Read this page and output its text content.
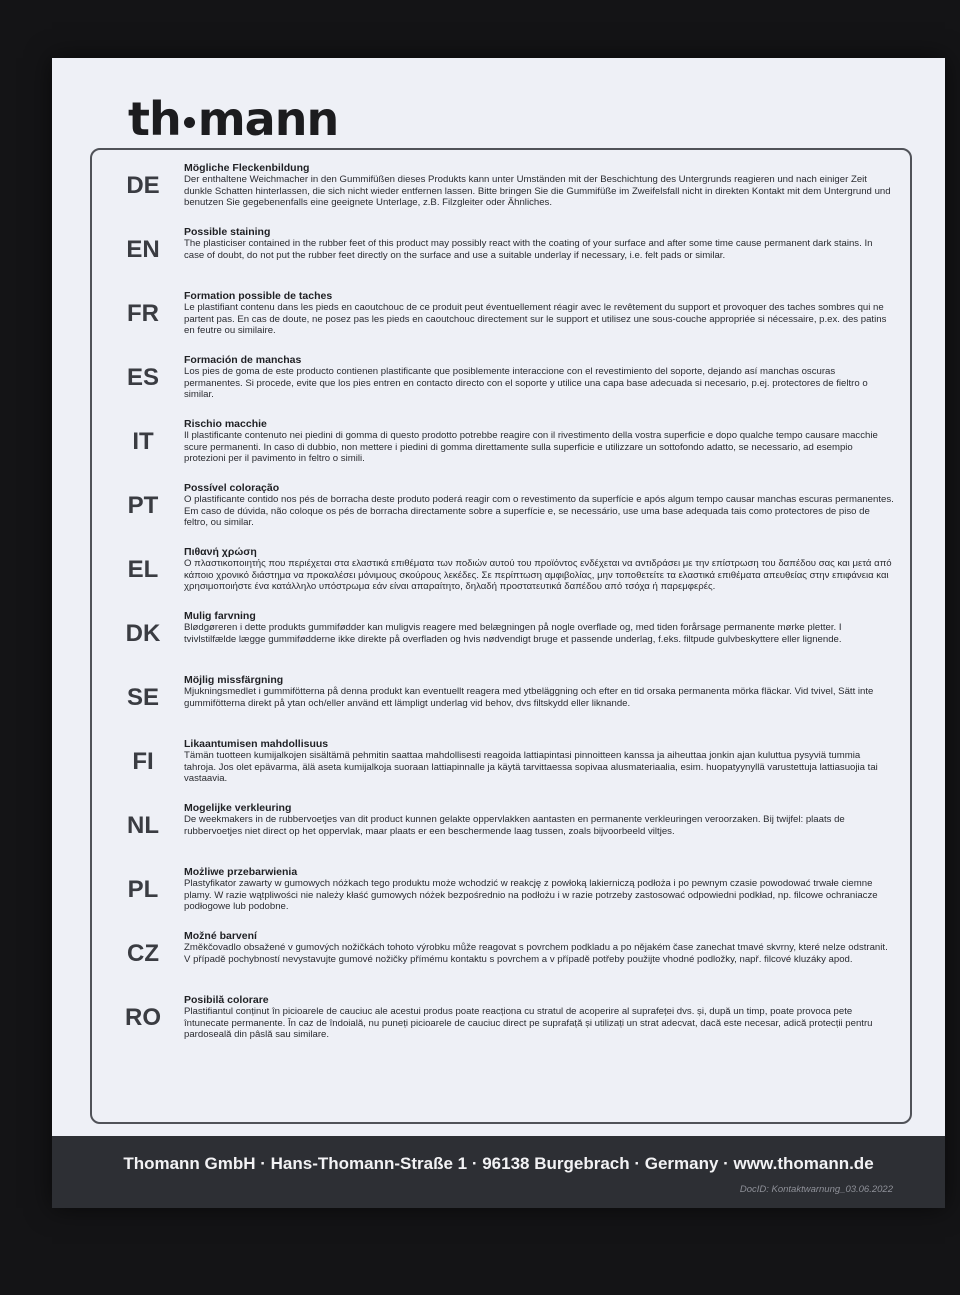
th mann
DE
Mögliche Fleckenbildung
Der enthaltene Weichmacher in den Gummifüßen dieses Produkts kann unter Umständen mit der Beschichtung des Untergrunds reagieren und nach einiger Zeit dunkle Schatten hinterlassen, die sich nicht wieder entfernen lassen. Bitte bringen Sie die Gummifüße im Zweifelsfall nicht in direkten Kontakt mit dem Untergrund und benutzen Sie gegebenenfalls eine geeignete Unterlage, z.B. Filzgleiter oder Ähnliches.
EN
Possible staining
The plasticiser contained in the rubber feet of this product may possibly react with the coating of your surface and after some time cause permanent dark stains. In case of doubt, do not put the rubber feet directly on the surface and use a suitable underlay if necessary, i.e. felt pads or similar.
FR
Formation possible de taches
Le plastifiant contenu dans les pieds en caoutchouc de ce produit peut éventuellement réagir avec le revêtement du support et provoquer des taches sombres qui ne partent pas. En cas de doute, ne posez pas les pieds en caoutchouc directement sur le support et utilisez une sous-couche appropriée si nécessaire, p.ex. des patins en feutre ou similaire.
ES
Formación de manchas
Los pies de goma de este producto contienen plastificante que posiblemente interaccione con el revestimiento del soporte, dejando así manchas oscuras permanentes. Si procede, evite que los pies entren en contacto directo con el soporte y utilice una capa base adecuada si necesario, p.ej. protectores de fieltro o similar.
IT
Rischio macchie
Il plastificante contenuto nei piedini di gomma di questo prodotto potrebbe reagire con il rivestimento della vostra superficie e dopo qualche tempo causare macchie scure permanenti. In caso di dubbio, non mettere i piedini di gomma direttamente sulla superficie e utilizzare un sottofondo adatto, se necessario, ad esempio protezioni per il pavimento in feltro o simili.
PT
Possível coloração
O plastificante contido nos pés de borracha deste produto poderá reagir com o revestimento da superfície e após algum tempo causar manchas escuras permanentes. Em caso de dúvida, não coloque os pés de borracha directamente sobre a superfície e, se necessário, use uma base adequada tais como protectores de piso de feltro, ou similar.
EL
Πιθανή χρώση
Ο πλαστικοποιητής που περιέχεται στα ελαστικά επιθέματα των ποδιών αυτού του προϊόντος ενδέχεται να αντιδράσει με την επίστρωση του δαπέδου σας και μετά από κάποιο χρονικό διάστημα να προκαλέσει μόνιμους σκούρους λεκέδες. Σε περίπτωση αμφιβολίας, μην τοποθετείτε τα ελαστικά επιθέματα απευθείας στην επιφάνεια και χρησιμοποιήστε ένα κατάλληλο υπόστρωμα εάν είναι απαραίτητο, δηλαδή προστατευτικά δαπέδου από τσόχα ή παρεμφερές.
DK
Mulig farvning
Blødgøreren i dette produkts gummifødder kan muligvis reagere med belægningen på nogle overflade og, med tiden forårsage permanente mørke pletter. I tvivlstilfælde lægge gummifødderne ikke direkte på overfladen og hvis nødvendigt bruge et passende underlag, f.eks. filtpude gulvbeskyttere eller lignende.
SE
Möjlig missfärgning
Mjukningsmedlet i gummifötterna på denna produkt kan eventuellt reagera med ytbeläggning och efter en tid orsaka permanenta mörka fläckar. Vid tvivel, Sätt inte gummifötterna direkt på ytan och/eller använd ett lämpligt underlag vid behov, dvs filtskydd eller liknande.
FI
Likaantumisen mahdollisuus
Tämän tuotteen kumijalkojen sisältämä pehmitin saattaa mahdollisesti reagoida lattiapintasi pinnoitteen kanssa ja aiheuttaa jonkin ajan kuluttua pysyviä tummia tahroja. Jos olet epävarma, älä aseta kumijalkoja suoraan lattiapinnalle ja käytä tarvittaessa sopivaa alusmateriaalia, esim. huopatyynyllä varustettuja lattiasuojia tai vastaavia.
NL
Mogelijke verkleuring
De weekmakers in de rubbervoetjes van dit product kunnen gelakte oppervlakken aantasten en permanente verkleuringen veroorzaken. Bij twijfel: plaats de rubbervoetjes niet direct op het oppervlak, maar plaats er een beschermende laag tussen, zoals bijvoorbeeld viltjes.
PL
Możliwe przebarwienia
Plastyfikator zawarty w gumowych nóżkach tego produktu może wchodzić w reakcję z powłoką lakierniczą podłoża i po pewnym czasie powodować trwałe ciemne plamy. W razie wątpliwości nie należy kłaść gumowych nóżek bezpośrednio na podłożu i w razie potrzeby zastosować odpowiedni podkład, np. filcowe ochraniacze podłogowe lub podobne.
CZ
Možné barvení
Změkčovadlo obsažené v gumových nožičkách tohoto výrobku může reagovat s povrchem podkladu a po nějakém čase zanechat tmavé skvrny, které nelze odstranit. V případě pochybností nevystavujte gumové nožičky přímému kontaktu s povrchem a v případě potřeby použijte vhodné podložky, např. filcové kluzáky apod.
RO
Posibilă colorare
Plastifiantul conținut în picioarele de cauciuc ale acestui produs poate reacționa cu stratul de acoperire al suprafeței dvs. și, după un timp, poate provoca pete întunecate permanente. În caz de îndoială, nu puneți picioarele de cauciuc direct pe suprafață și utilizați un strat adecvat, dacă este necesar, adică protecții pentru pardoseală din pâslă sau similare.
Thomann GmbH · Hans-Thomann-Straße 1 · 96138 Burgebrach · Germany · www.thomann.de
DocID: Kontaktwarnung_03.06.2022
